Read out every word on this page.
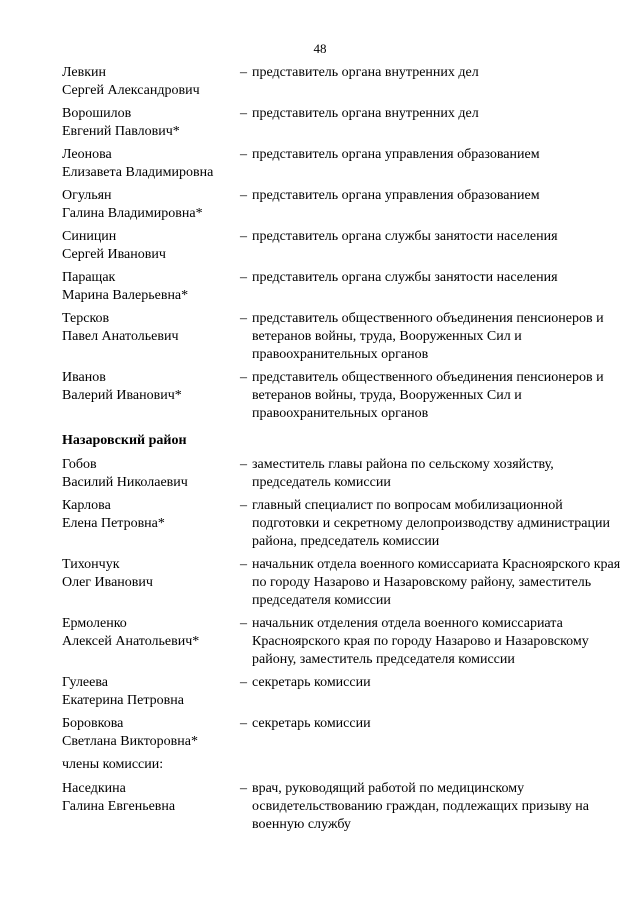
48
Левкин
Сергей Александрович
– представитель органа внутренних дел
Ворошилов
Евгений Павлович*
– представитель органа внутренних дел
Леонова
Елизавета Владимировна
– представитель органа управления образованием
Огульян
Галина Владимировна*
– представитель органа управления образованием
Синицин
Сергей Иванович
– представитель органа службы занятости населения
Паращак
Марина Валерьевна*
– представитель органа службы занятости населения
Терсков
Павел Анатольевич
– представитель общественного объединения пенсионеров и ветеранов войны, труда, Вооруженных Сил и правоохранительных органов
Иванов
Валерий Иванович*
– представитель общественного объединения пенсионеров и ветеранов войны, труда, Вооруженных Сил и правоохранительных органов
Назаровский район
Гобов
Василий Николаевич
– заместитель главы района по сельскому хозяйству, председатель комиссии
Карлова
Елена Петровна*
– главный специалист по вопросам мобилизационной подготовки и секретному делопроизводству администрации района, председатель комиссии
Тихончук
Олег Иванович
– начальник отдела военного комиссариата Красноярского края по городу Назарово и Назаровскому району, заместитель председателя комиссии
Ермоленко
Алексей Анатольевич*
– начальник отделения отдела военного комиссариата Красноярского края по городу Назарово и Назаровскому району, заместитель председателя комиссии
Гулеева
Екатерина Петровна
– секретарь комиссии
Боровкова
Светлана Викторовна*
– секретарь комиссии
члены комиссии:
Наседкина
Галина Евгеньевна
– врач, руководящий работой по медицинскому освидетельствованию граждан, подлежащих призыву на военную службу
